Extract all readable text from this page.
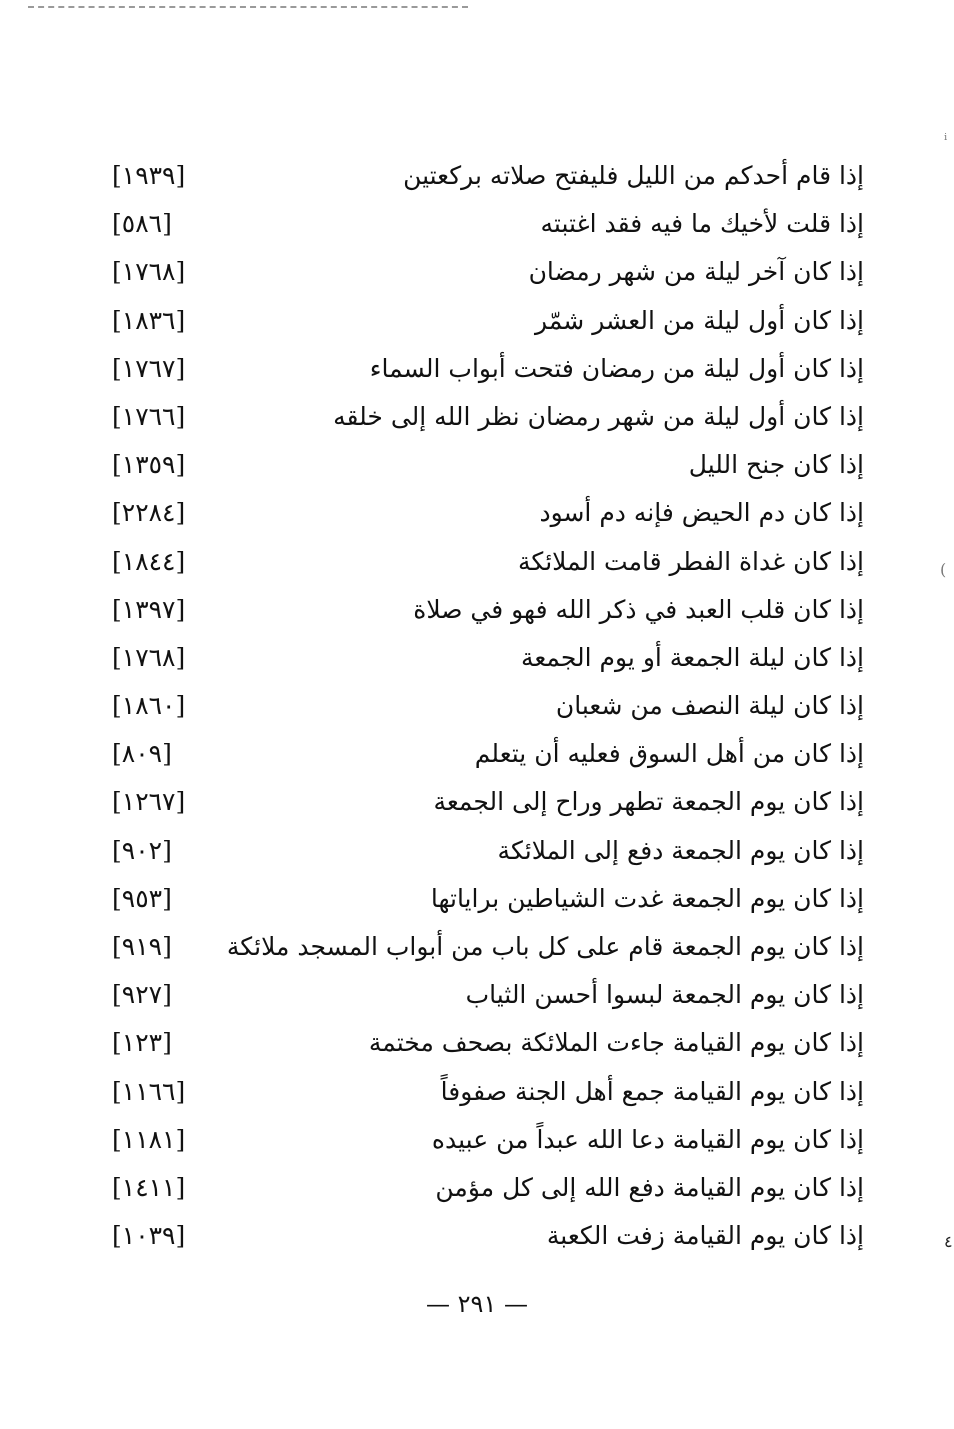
إذا قام أحدكم من الليل فليفتح صلاته بركعتين
[١٩٣٩]
إذا قلت لأخيك ما فيه فقد اغتبته
[٥٨٦]
إذا كان آخر ليلة من شهر رمضان
[١٧٦٨]
إذا كان أول ليلة من العشر شمّر
[١٨٣٦]
إذا كان أول ليلة من رمضان فتحت أبواب السماء
[١٧٦٧]
إذا كان أول ليلة من شهر رمضان نظر الله إلى خلقه
[١٧٦٦]
إذا كان جنح الليل
[١٣٥٩]
إذا كان دم الحيض فإنه دم أسود
[٢٢٨٤]
إذا كان غداة الفطر قامت الملائكة
[١٨٤٤]
إذا كان قلب العبد في ذكر الله فهو في صلاة
[١٣٩٧]
إذا كان ليلة الجمعة أو يوم الجمعة
[١٧٦٨]
إذا كان ليلة النصف من شعبان
[١٨٦٠]
إذا كان من أهل السوق فعليه أن يتعلم
[٨٠٩]
إذا كان يوم الجمعة تطهر وراح إلى الجمعة
[١٢٦٧]
إذا كان يوم الجمعة دفع إلى الملائكة
[٩٠٢]
إذا كان يوم الجمعة غدت الشياطين براياتها
[٩٥٣]
إذا كان يوم الجمعة قام على كل باب من أبواب المسجد ملائكة
[٩١٩]
إذا كان يوم الجمعة لبسوا أحسن الثياب
[٩٢٧]
إذا كان يوم القيامة جاءت الملائكة بصحف مختمة
[١٢٣]
إذا كان يوم القيامة جمع أهل الجنة صفوفاً
[١١٦٦]
إذا كان يوم القيامة دعا الله عبداً من عبيده
[١١٨١]
إذا كان يوم القيامة دفع الله إلى كل مؤمن
[١٤١١]
إذا كان يوم القيامة زفت الكعبة
[١٠٣٩]
— ٢٩١ —
ⁱ
(
٤
